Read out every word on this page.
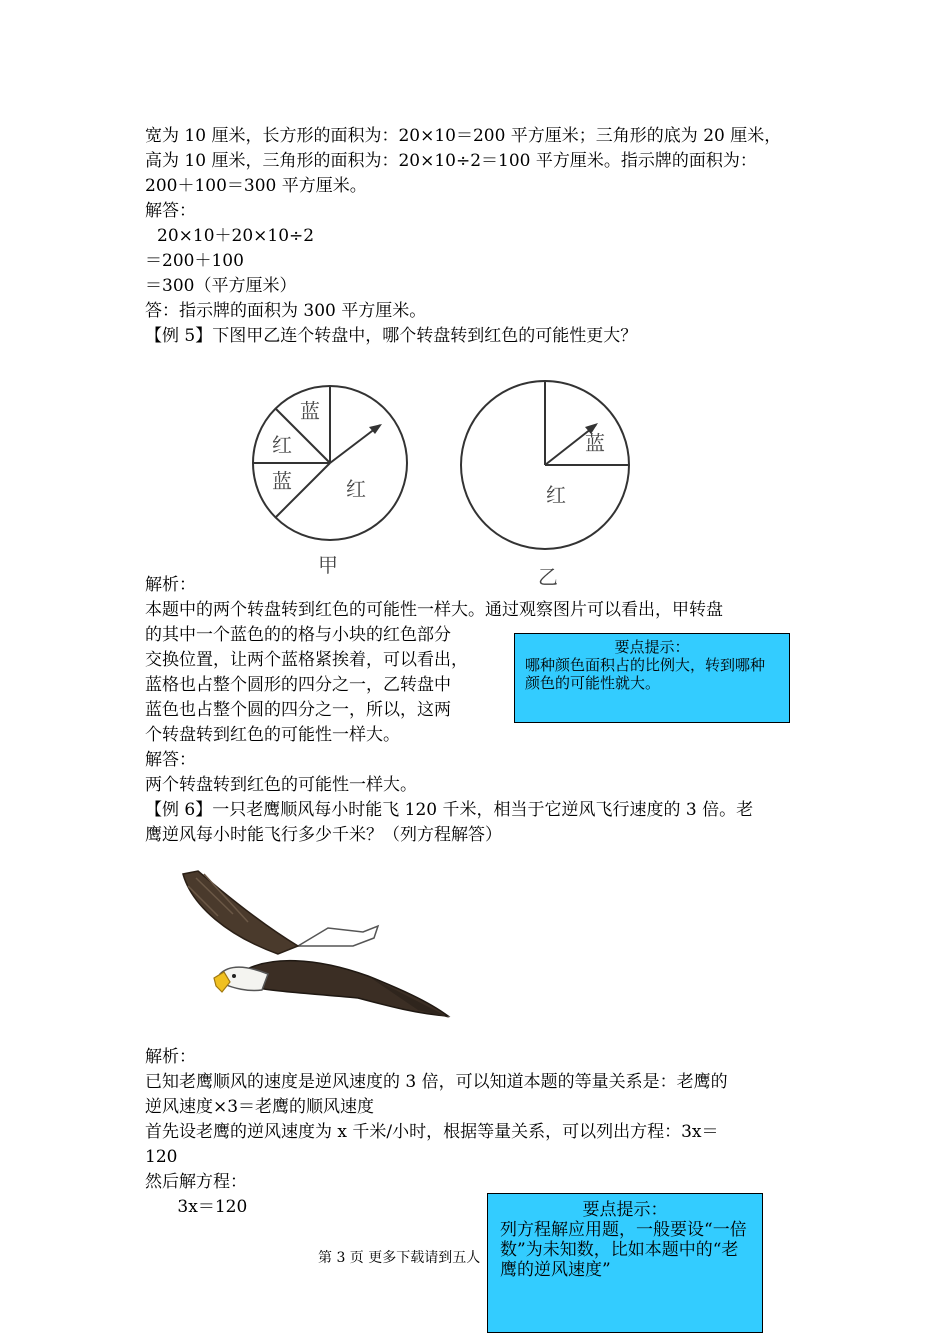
宽为 10 厘米，长方形的面积为：20×10＝200 平方厘米；三角形的底为 20 厘米，
高为 10 厘米，三角形的面积为：20×10÷2＝100 平方厘米。指示牌的面积为：
200＋100＝300 平方厘米。
解答：
20×10＋20×10÷2
＝200＋100
＝300（平方厘米）
答：指示牌的面积为 300 平方厘米。
【例 5】下图甲乙连个转盘中，哪个转盘转到红色的可能性更大？
蓝
红
蓝	红
甲
蓝
红
乙
解析：
本题中的两个转盘转到红色的可能性一样大。通过观察图片可以看出，甲转盘
的其中一个蓝色的的格与小块的红色部分
交换位置，让两个蓝格紧挨着，可以看出，
蓝格也占整个圆形的四分之一，乙转盘中
蓝色也占整个圆的四分之一，所以，这两
个转盘转到红色的可能性一样大。
解答：
两个转盘转到红色的可能性一样大。
【例 6】一只老鹰顺风每小时能飞 120 千米，相当于它逆风飞行速度的 3 倍。老
鹰逆风每小时能飞行多少千米？（列方程解答）
要点提示：
哪种颜色面积占的比例大，转到哪种颜色的可能性就大。
解析：
已知老鹰顺风的速度是逆风速度的 3 倍，可以知道本题的等量关系是：老鹰的
逆风速度×3＝老鹰的顺风速度
首先设老鹰的逆风速度为 x 千米/小时，根据等量关系，可以列出方程：3x＝
120
然后解方程：
3x＝120
第 3 页 更多下载请到五人
要点提示：
列方程解应用题，一般要设“一倍数”为未知数，比如本题中的“老鹰的逆风速度”
